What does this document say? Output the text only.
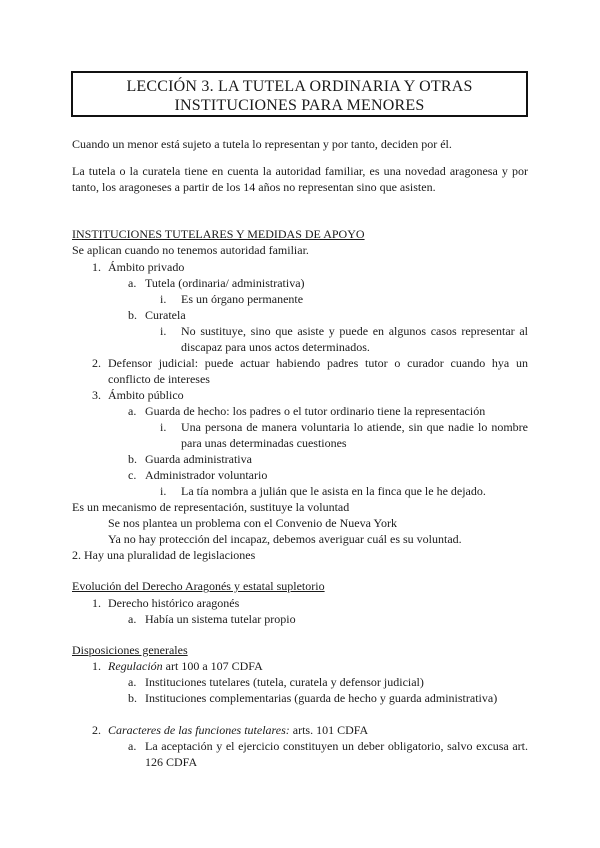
LECCIÓN 3. LA TUTELA ORDINARIA Y OTRAS
INSTITUCIONES PARA MENORES
Cuando un menor está sujeto a tutela lo representan y por tanto, deciden por él.
La tutela o la curatela tiene en cuenta la autoridad familiar, es una novedad aragonesa y por
tanto, los aragoneses a partir de los 14 años no representan sino que asisten.
INSTITUCIONES TUTELARES Y MEDIDAS DE APOYO
Se aplican cuando no tenemos autoridad familiar.
1. Ámbito privado
a. Tutela (ordinaria/ administrativa)
i. Es un órgano permanente
b. Curatela
i. No sustituye, sino que asiste y puede en algunos casos representar al
discapaz para unos actos determinados.
2. Defensor judicial: puede actuar habiendo padres tutor o curador cuando hya un
conflicto de intereses
3. Ámbito público
a. Guarda de hecho: los padres o el tutor ordinario tiene la representación
i. Una persona de manera voluntaria lo atiende, sin que nadie lo nombre
para unas determinadas cuestiones
b. Guarda administrativa
c. Administrador voluntario
i. La tía nombra a julián que le asista en la finca que le he dejado.
Es un mecanismo de representación, sustituye la voluntad
Se nos plantea un problema con el Convenio de Nueva York
Ya no hay protección del incapaz, debemos averiguar cuál es su voluntad.
2. Hay una pluralidad de legislaciones
Evolución del Derecho Aragonés y estatal supletorio
1. Derecho histórico aragonés
a. Había un sistema tutelar propio
Disposiciones generales
1. Regulación art 100 a 107 CDFA
a. Instituciones tutelares (tutela, curatela y defensor judicial)
b. Instituciones complementarias (guarda de hecho y guarda administrativa)
2. Caracteres de las funciones tutelares: arts. 101 CDFA
a. La aceptación y el ejercicio constituyen un deber obligatorio, salvo excusa art.
126 CDFA
